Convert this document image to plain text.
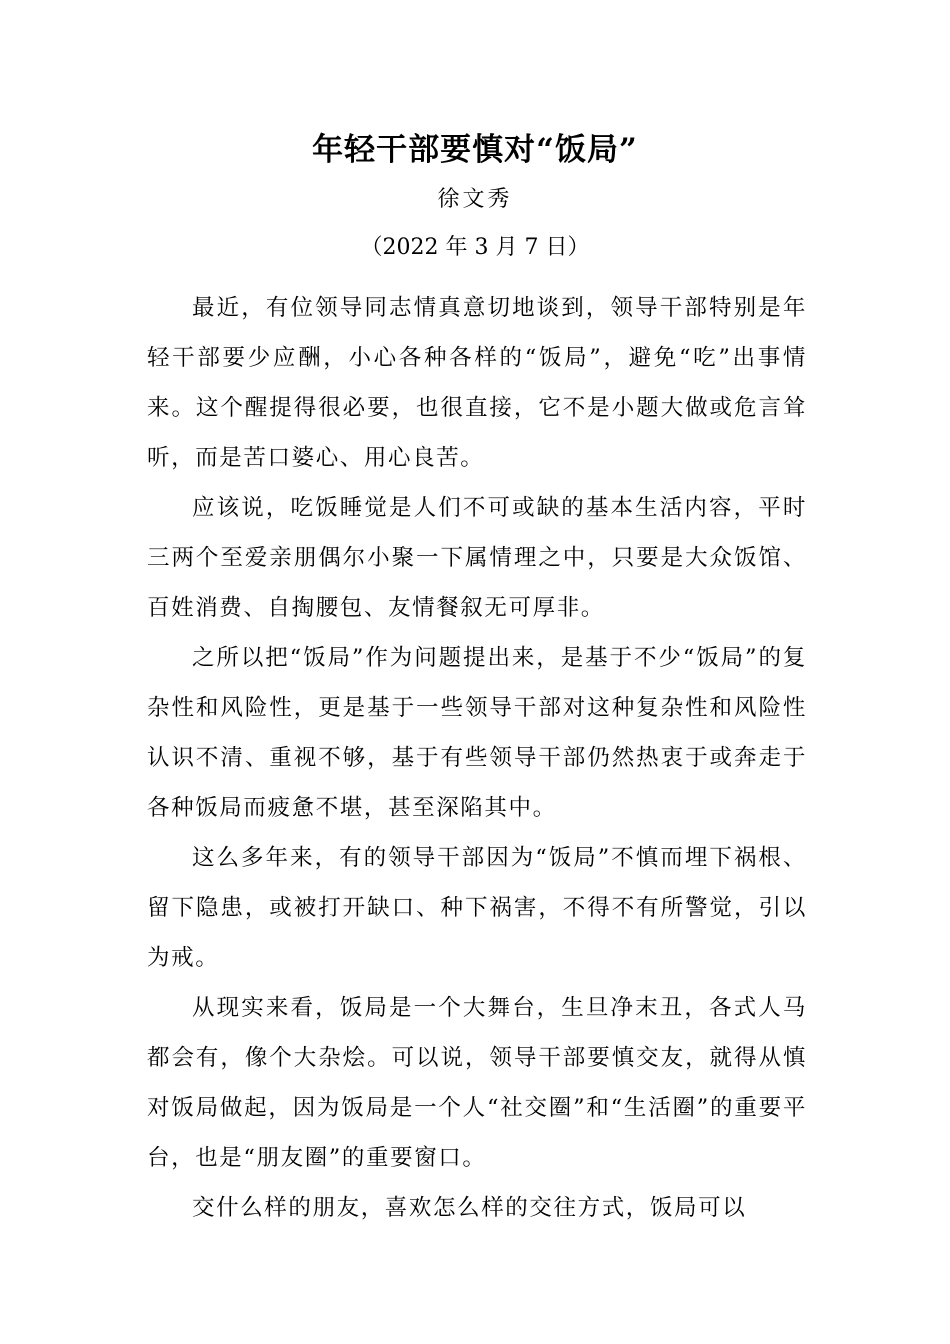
年轻干部要慎对“饭局”
徐文秀
（2022 年 3 月 7 日）

最近，有位领导同志情真意切地谈到，领导干部特别是年轻干部要少应酬，小心各种各样的“饭局”，避免“吃”出事情来。这个醒提得很必要，也很直接，它不是小题大做或危言耸听，而是苦口婆心、用心良苦。

应该说，吃饭睡觉是人们不可或缺的基本生活内容，平时三两个至爱亲朋偶尔小聚一下属情理之中，只要是大众饭馆、百姓消费、自掏腰包、友情餐叙无可厚非。

之所以把“饭局”作为问题提出来，是基于不少“饭局”的复杂性和风险性，更是基于一些领导干部对这种复杂性和风险性认识不清、重视不够，基于有些领导干部仍然热衷于或奔走于各种饭局而疲惫不堪，甚至深陷其中。

这么多年来，有的领导干部因为“饭局”不慎而埋下祸根、留下隐患，或被打开缺口、种下祸害，不得不有所警觉，引以为戒。

从现实来看，饭局是一个大舞台，生旦净末丑，各式人马都会有，像个大杂烩。可以说，领导干部要慎交友，就得从慎对饭局做起，因为饭局是一个人“社交圈”和“生活圈”的重要平台，也是“朋友圈”的重要窗口。

交什么样的朋友，喜欢怎么样的交往方式，饭局可以
